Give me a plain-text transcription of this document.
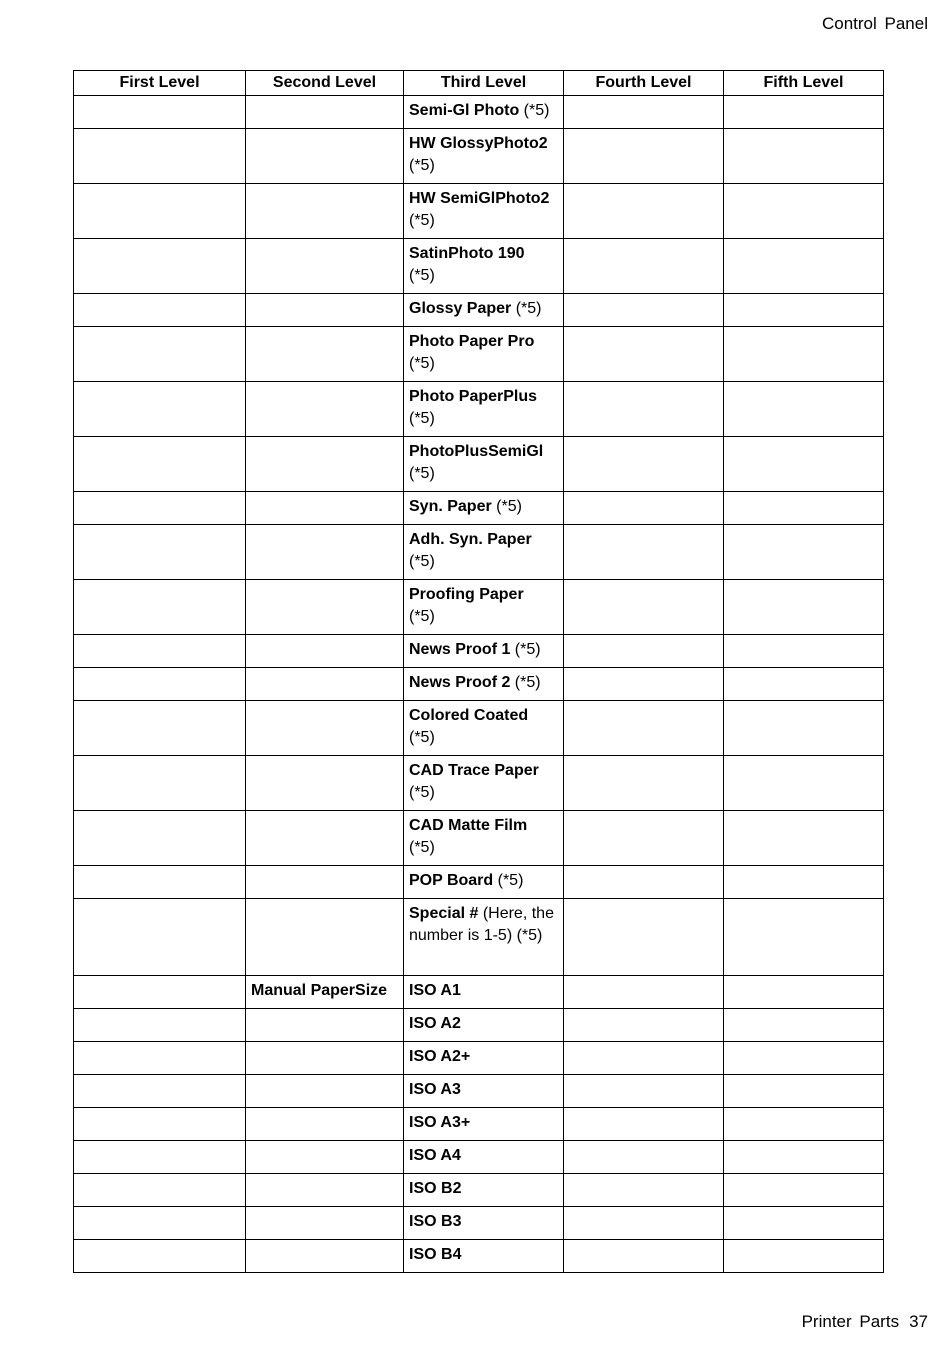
Control Panel
First Level	Second Level	Third Level	Fourth Level	Fifth Level
		Semi-Gl Photo (*5)		
		HW GlossyPhoto2
(*5)		

		HW SemiGlPhoto2
(*5)		

		SatinPhoto 190
(*5)		

		Glossy Paper (*5)		
		Photo Paper Pro
(*5)		

		Photo PaperPlus
(*5)		

		PhotoPlusSemiGl
(*5)		

		Syn. Paper (*5)		
		Adh. Syn. Paper
(*5)		

		Proofing Paper
(*5)		

		News Proof 1 (*5)		
		News Proof 2 (*5)		
		Colored Coated
(*5)		

		CAD Trace Paper
(*5)		

		CAD Matte Film
(*5)		

		POP Board (*5)		
		Special # (Here, the number is 1-5) (*5)		
	Manual PaperSize	ISO A1		
		ISO A2		
		ISO A2+		
		ISO A3		
		ISO A3+		
		ISO A4		
		ISO B2		
		ISO B3		
		ISO B4		
Printer Parts 37
